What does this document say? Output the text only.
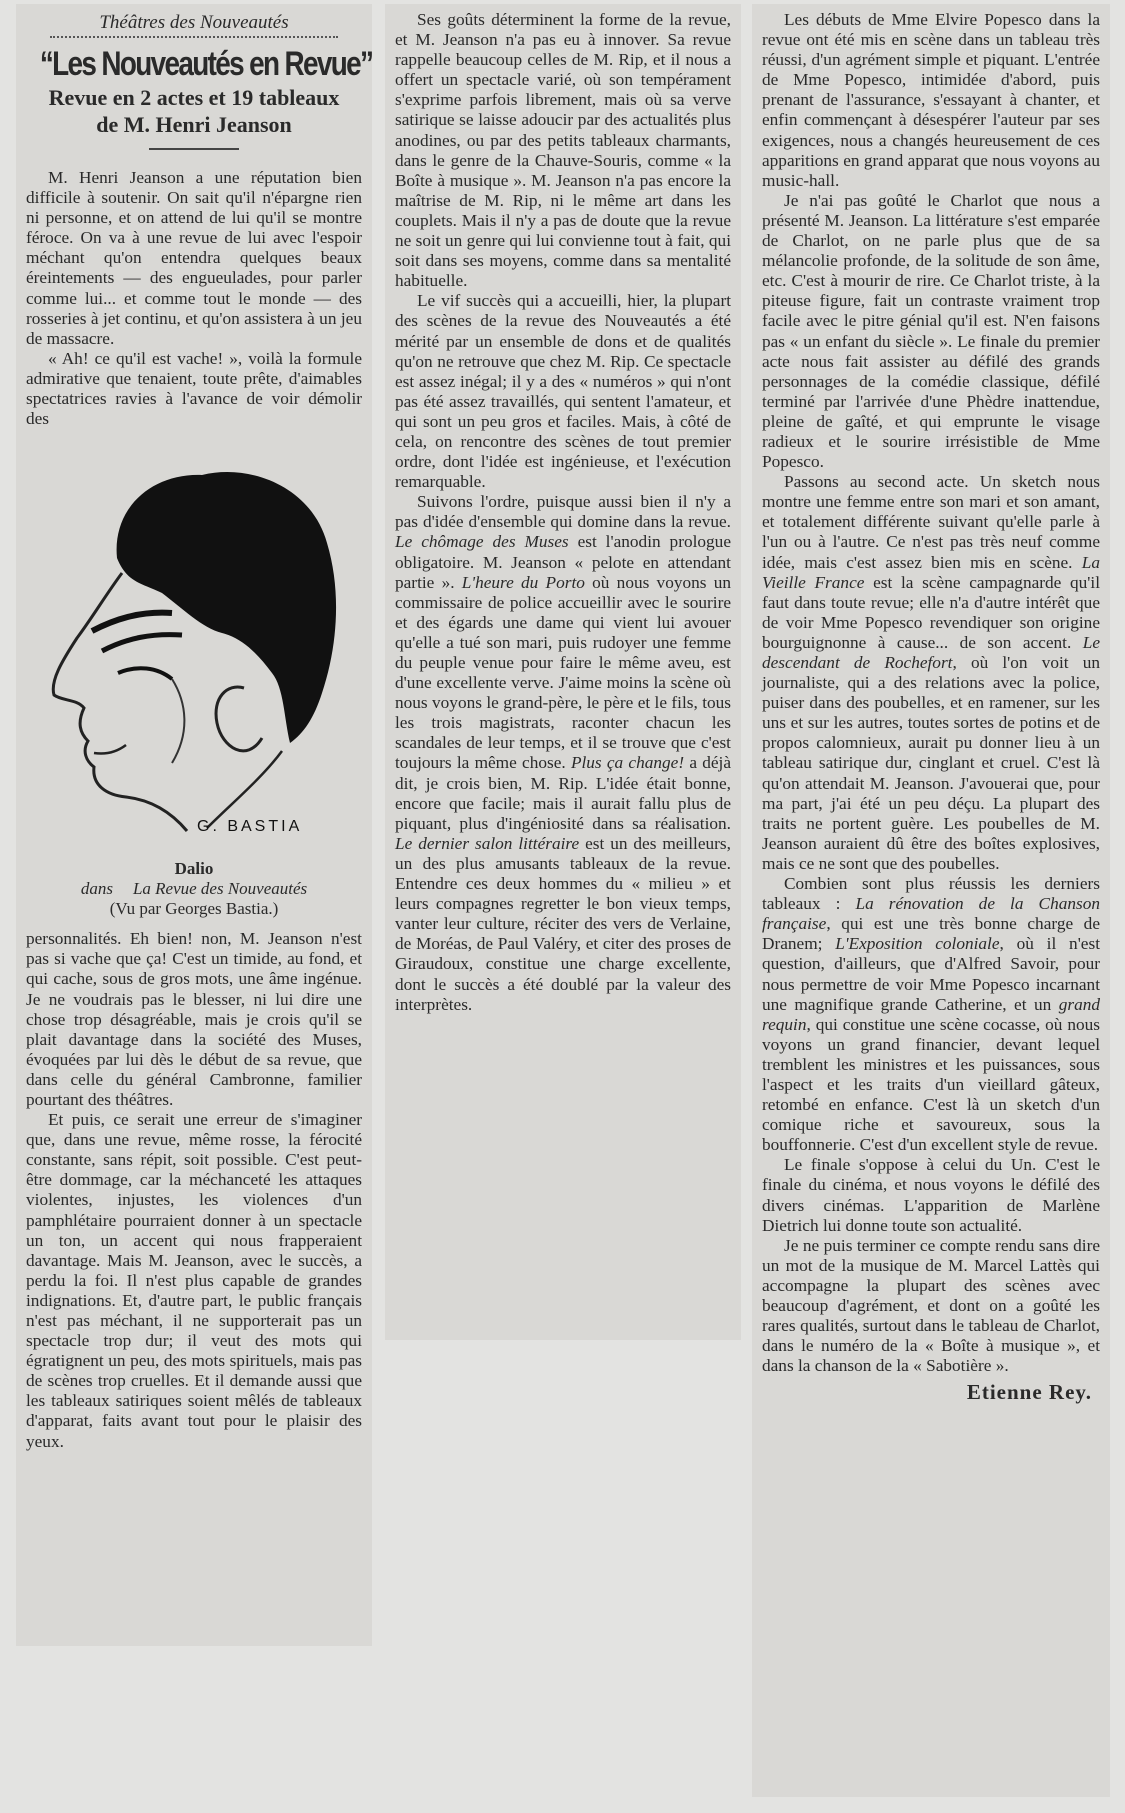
Théâtres des Nouveautés
“Les Nouveautés en Revue”
Revue en 2 actes et 19 tableaux
de M. Henri Jeanson

M. Henri Jeanson a une réputation bien difficile à soutenir. On sait qu'il n'épargne rien ni personne, et on attend de lui qu'il se montre féroce. On va à une revue de lui avec l'espoir méchant qu'on entendra quelques beaux éreintements — des engueulades, pour parler comme lui... et comme tout le monde — des rosseries à jet continu, et qu'on assistera à un jeu de massacre.

« Ah! ce qu'il est vache! », voilà la formule admirative que tenaient, toute prête, d'aimables spectatrices ravies à l'avance de voir démolir des

G. BASTIA
Dalio
dans La Revue des Nouveautés
(Vu par Georges Bastia.)

personnalités. Eh bien! non, M. Jeanson n'est pas si vache que ça! C'est un timide, au fond, et qui cache, sous de gros mots, une âme ingénue. Je ne voudrais pas le blesser, ni lui dire une chose trop désagréable, mais je crois qu'il se plait davantage dans la société des Muses, évoquées par lui dès le début de sa revue, que dans celle du général Cambronne, familier pourtant des théâtres.

Et puis, ce serait une erreur de s'imaginer que, dans une revue, même rosse, la férocité constante, sans répit, soit possible. C'est peut-être dommage, car la méchanceté les attaques violentes, injustes, les violences d'un pamphlétaire pourraient donner à un spectacle un ton, un accent qui nous frapperaient davantage. Mais M. Jeanson, avec le succès, a perdu la foi. Il n'est plus capable de grandes indignations. Et, d'autre part, le public français n'est pas méchant, il ne supporterait pas un spectacle trop dur; il veut des mots qui égratignent un peu, des mots spirituels, mais pas de scènes trop cruelles. Et il demande aussi que les tableaux satiriques soient mêlés de tableaux d'apparat, faits avant tout pour le plaisir des yeux.

Ses goûts déterminent la forme de la revue, et M. Jeanson n'a pas eu à innover. Sa revue rappelle beaucoup celles de M. Rip, et il nous a offert un spectacle varié, où son tempérament s'exprime parfois librement, mais où sa verve satirique se laisse adoucir par des actualités plus anodines, ou par des petits tableaux charmants, dans le genre de la Chauve-Souris, comme « la Boîte à musique ». M. Jeanson n'a pas encore la maîtrise de M. Rip, ni le même art dans les couplets. Mais il n'y a pas de doute que la revue ne soit un genre qui lui convienne tout à fait, qui soit dans ses moyens, comme dans sa mentalité habituelle.

Le vif succès qui a accueilli, hier, la plupart des scènes de la revue des Nouveautés a été mérité par un ensemble de dons et de qualités qu'on ne retrouve que chez M. Rip. Ce spectacle est assez inégal; il y a des « numéros » qui n'ont pas été assez travaillés, qui sentent l'amateur, et qui sont un peu gros et faciles. Mais, à côté de cela, on rencontre des scènes de tout premier ordre, dont l'idée est ingénieuse, et l'exécution remarquable.

Suivons l'ordre, puisque aussi bien il n'y a pas d'idée d'ensemble qui domine dans la revue. Le chômage des Muses est l'anodin prologue obligatoire. M. Jeanson « pelote en attendant partie ». L'heure du Porto où nous voyons un commissaire de police accueillir avec le sourire et des égards une dame qui vient lui avouer qu'elle a tué son mari, puis rudoyer une femme du peuple venue pour faire le même aveu, est d'une excellente verve. J'aime moins la scène où nous voyons le grand-père, le père et le fils, tous les trois magistrats, raconter chacun les scandales de leur temps, et il se trouve que c'est toujours la même chose. Plus ça change! a déjà dit, je crois bien, M. Rip. L'idée était bonne, encore que facile; mais il aurait fallu plus de piquant, plus d'ingéniosité dans sa réalisation. Le dernier salon littéraire est un des meilleurs, un des plus amusants tableaux de la revue. Entendre ces deux hommes du « milieu » et leurs compagnes regretter le bon vieux temps, vanter leur culture, réciter des vers de Verlaine, de Moréas, de Paul Valéry, et citer des proses de Giraudoux, constitue une charge excellente, dont le succès a été doublé par la valeur des interprètes.

Les débuts de Mme Elvire Popesco dans la revue ont été mis en scène dans un tableau très réussi, d'un agrément simple et piquant. L'entrée de Mme Popesco, intimidée d'abord, puis prenant de l'assurance, s'essayant à chanter, et enfin commençant à désespérer l'auteur par ses exigences, nous a changés heureusement de ces apparitions en grand apparat que nous voyons au music-hall.

Je n'ai pas goûté le Charlot que nous a présenté M. Jeanson. La littérature s'est emparée de Charlot, on ne parle plus que de sa mélancolie profonde, de la solitude de son âme, etc. C'est à mourir de rire. Ce Charlot triste, à la piteuse figure, fait un contraste vraiment trop facile avec le pitre génial qu'il est. N'en faisons pas « un enfant du siècle ». Le finale du premier acte nous fait assister au défilé des grands personnages de la comédie classique, défilé terminé par l'arrivée d'une Phèdre inattendue, pleine de gaîté, et qui emprunte le visage radieux et le sourire irrésistible de Mme Popesco.

Passons au second acte. Un sketch nous montre une femme entre son mari et son amant, et totalement différente suivant qu'elle parle à l'un ou à l'autre. Ce n'est pas très neuf comme idée, mais c'est assez bien mis en scène. La Vieille France est la scène campagnarde qu'il faut dans toute revue; elle n'a d'autre intérêt que de voir Mme Popesco revendiquer son origine bourguignonne à cause... de son accent. Le descendant de Rochefort, où l'on voit un journaliste, qui a des relations avec la police, puiser dans des poubelles, et en ramener, sur les uns et sur les autres, toutes sortes de potins et de propos calomnieux, aurait pu donner lieu à un tableau satirique dur, cinglant et cruel. C'est là qu'on attendait M. Jeanson. J'avouerai que, pour ma part, j'ai été un peu déçu. La plupart des traits ne portent guère. Les poubelles de M. Jeanson auraient dû être des boîtes explosives, mais ce ne sont que des poubelles.

Combien sont plus réussis les derniers tableaux : La rénovation de la Chanson française, qui est une très bonne charge de Dranem; L'Exposition coloniale, où il n'est question, d'ailleurs, que d'Alfred Savoir, pour nous permettre de voir Mme Popesco incarnant une magnifique grande Catherine, et un grand requin, qui constitue une scène cocasse, où nous voyons un grand financier, devant lequel tremblent les ministres et les puissances, sous l'aspect et les traits d'un vieillard gâteux, retombé en enfance. C'est là un sketch d'un comique riche et savoureux, sous la bouffonnerie. C'est d'un excellent style de revue.

Le finale s'oppose à celui du Un. C'est le finale du cinéma, et nous voyons le défilé des divers cinémas. L'apparition de Marlène Dietrich lui donne toute son actualité.

Je ne puis terminer ce compte rendu sans dire un mot de la musique de M. Marcel Lattès qui accompagne la plupart des scènes avec beaucoup d'agrément, et dont on a goûté les rares qualités, surtout dans le tableau de Charlot, dans le numéro de la « Boîte à musique », et dans la chanson de la « Sabotière ».

Etienne Rey.
